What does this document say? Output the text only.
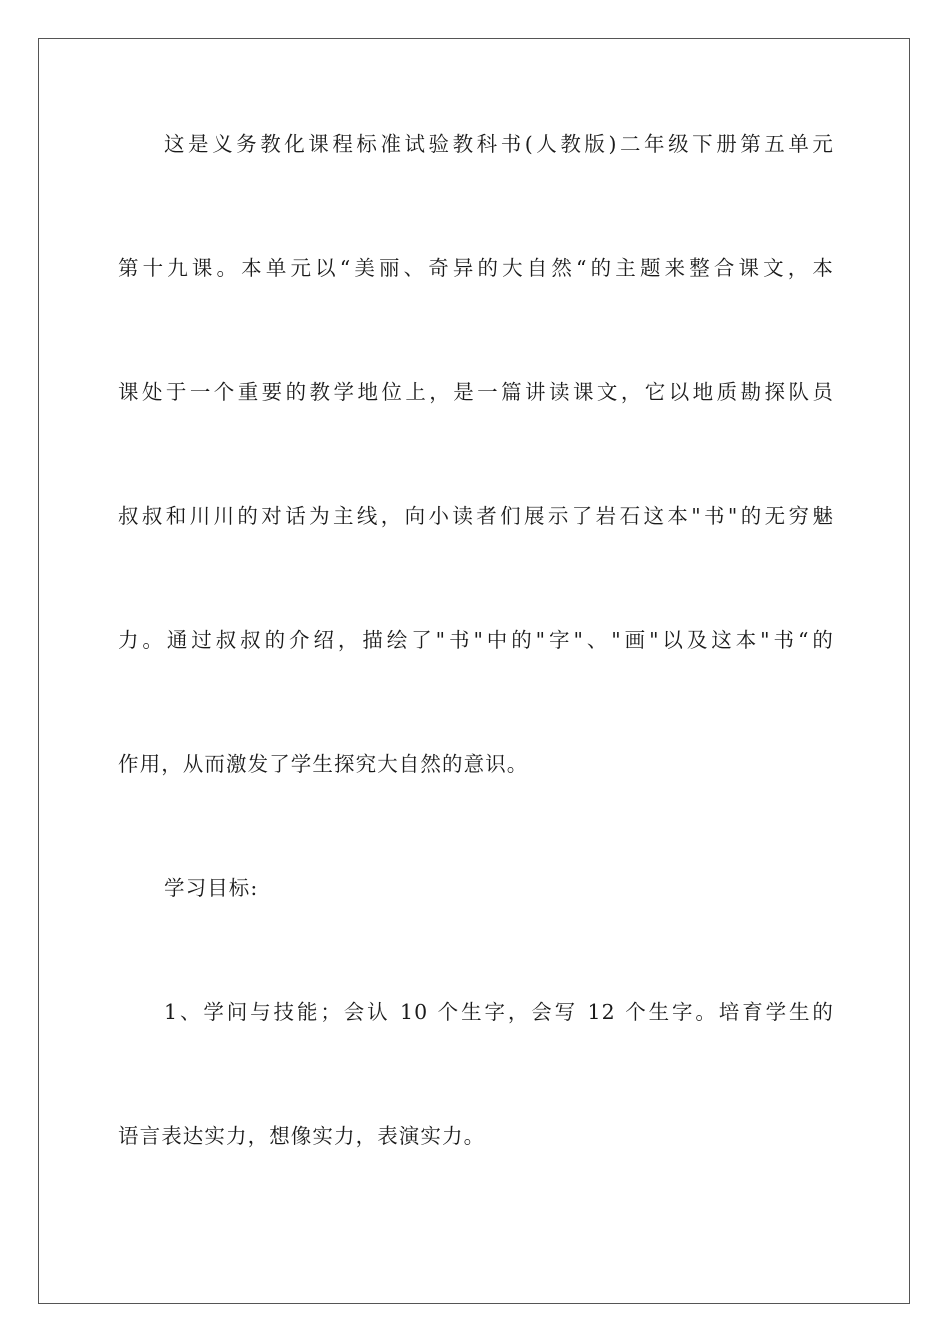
这是义务教化课程标准试验教科书(人教版)二年级下册第五单元
第十九课。本单元以“美丽、奇异的大自然“的主题来整合课文，本
课处于一个重要的教学地位上，是一篇讲读课文，它以地质勘探队员
叔叔和川川的对话为主线，向小读者们展示了岩石这本"书"的无穷魅
力。通过叔叔的介绍，描绘了"书"中的"字"、"画"以及这本"书“的
作用，从而激发了学生探究大自然的意识。
学习目标:
1、学问与技能；会认 10 个生字，会写 12 个生字。培育学生的
语言表达实力，想像实力，表演实力。
